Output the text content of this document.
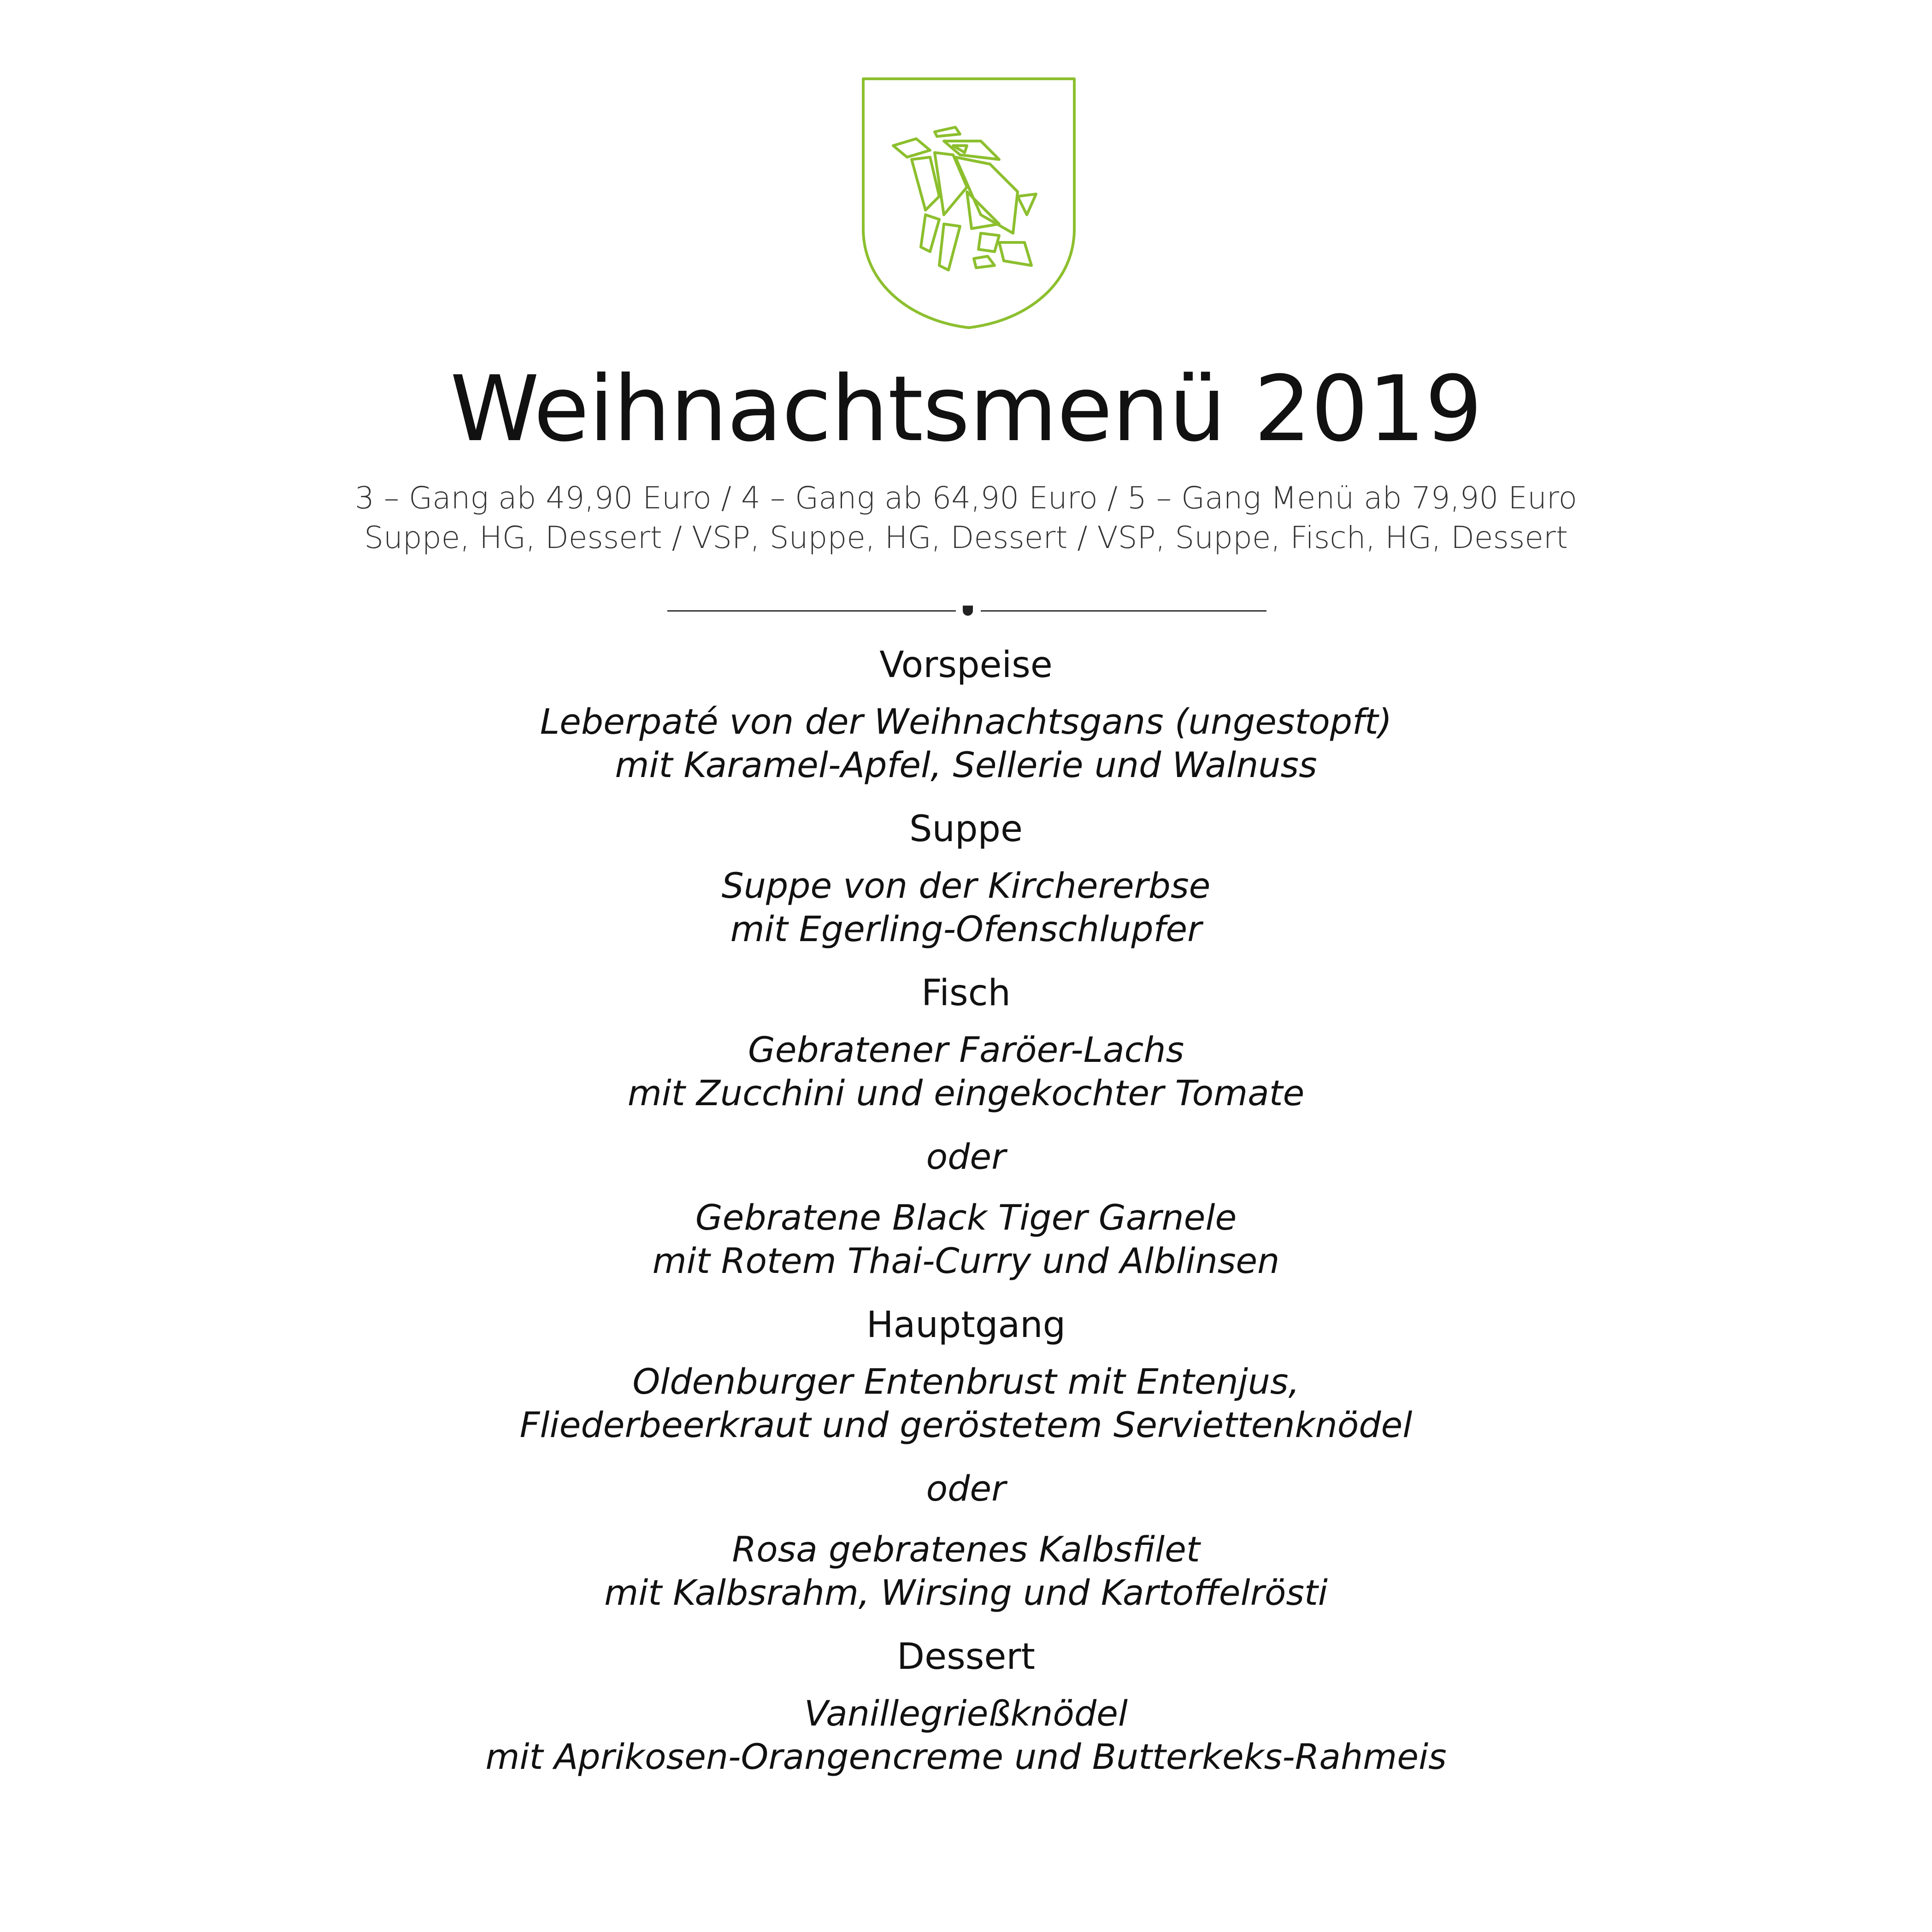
Weihnachtsmenü 2019
3 – Gang ab 49,90 Euro / 4 – Gang ab 64,90 Euro / 5 – Gang Menü ab 79,90 Euro
Suppe, HG, Dessert / VSP, Suppe, HG, Dessert / VSP, Suppe, Fisch, HG, Dessert
Vorspeise
Leberpaté von der Weihnachtsgans (ungestopft)
mit Karamel-Apfel, Sellerie und Walnuss
Suppe
Suppe von der Kirchererbse
mit Egerling-Ofenschlupfer
Fisch
Gebratener Faröer-Lachs
mit Zucchini und eingekochter Tomate
oder
Gebratene Black Tiger Garnele
mit Rotem Thai-Curry und Alblinsen
Hauptgang
Oldenburger Entenbrust mit Entenjus,
Fliederbeerkraut und geröstetem Serviettenknödel
oder
Rosa gebratenes Kalbsfilet
mit Kalbsrahm, Wirsing und Kartoffelrösti
Dessert
Vanillegrießknödel
mit Aprikosen-Orangencreme und Butterkeks-Rahmeis
